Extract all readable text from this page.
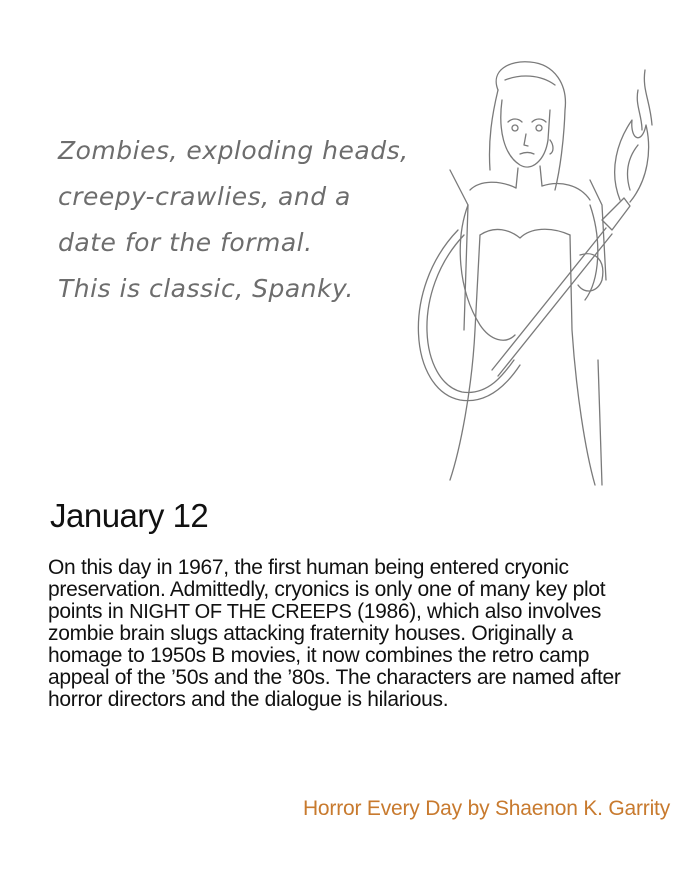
Zombies, exploding heads,
creepy-crawlies, and a
date for the formal.
This is classic, Spanky.
January 12
On this day in 1967, the first human being entered cryonic preservation. Admittedly, cryonics is only one of many key plot points in NIGHT OF THE CREEPS (1986), which also involves zombie brain slugs attacking fraternity houses. Originally a homage to 1950s B movies, it now combines the retro camp appeal of the ’50s and the ’80s. The characters are named after horror directors and the dialogue is hilarious.
Horror Every Day by Shaenon K. Garrity
